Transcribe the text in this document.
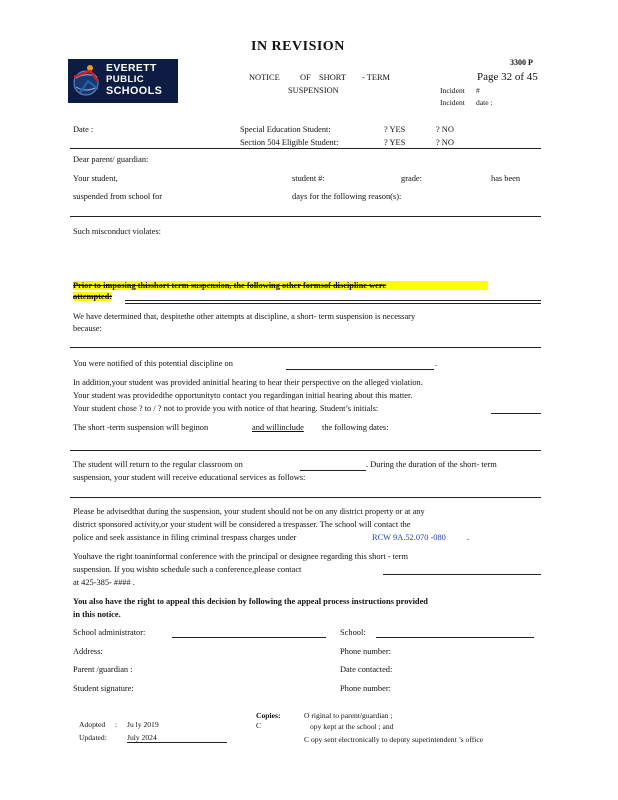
IN REVISION
3300 P
Page 32 of 45
EVERETT
PUBLIC
SCHOOLS
NOTICE OF SHORT - TERM
SUSPENSION	Incident #
Incident date :
Date :	Special Education Student:	? YES	? NO
Section 504 Eligible Student:	? YES	? NO
Dear parent/ guardian:
Your student,	student #:	grade:	has been
suspended from school for	days for the following reason(s):
Such misconduct violates:
Prior to imposing thisshort term suspension, the following other formsof discipline were
attempted:
We have determined that, despitethe other attempts at discipline, a short- term suspension is necessary
because:
You were notified of this potential discipline on	.
In addition,your student was provided aninitial hearing to hear their perspective on the alleged violation.
Your student was providedthe opportunityto contact you regardingan initial hearing about this matter.
Your student chose ? to / ? not to provide you with notice of that hearing. Student’s initials:
The short -term suspension will beginon	and willinclude the following dates:
The student will return to the regular classroom on	. During the duration of the short- term
suspension, your student will receive educational services as follows:
Please be advisedthat during the suspension, your student should not be on any district property or at any
district sponsored activity,or your student will be considered a trespasser. The school will contact the
police and seek assistance in filing criminal trespass charges under	RCW 9A.52.070 -080	.
Youhave the right toaninformal conference with the principal or designee regarding this short - term
suspension. If you wishto schedule such a conference,please contact
at 425-385- #### .
You also have the right to appeal this decision by following the appeal process instructions provided
in this notice.
School administrator:	School:
Address:	Phone number:
Parent /guardian :	Date contacted:
Student signature:	Phone number:
Adopted : Ju ly 2019
Updated:	July 2024
Copies:
C
O riginal to parent/guardian ;
opy kept at the school ; and
C opy sent electronically to deputy superintendent ’s office
